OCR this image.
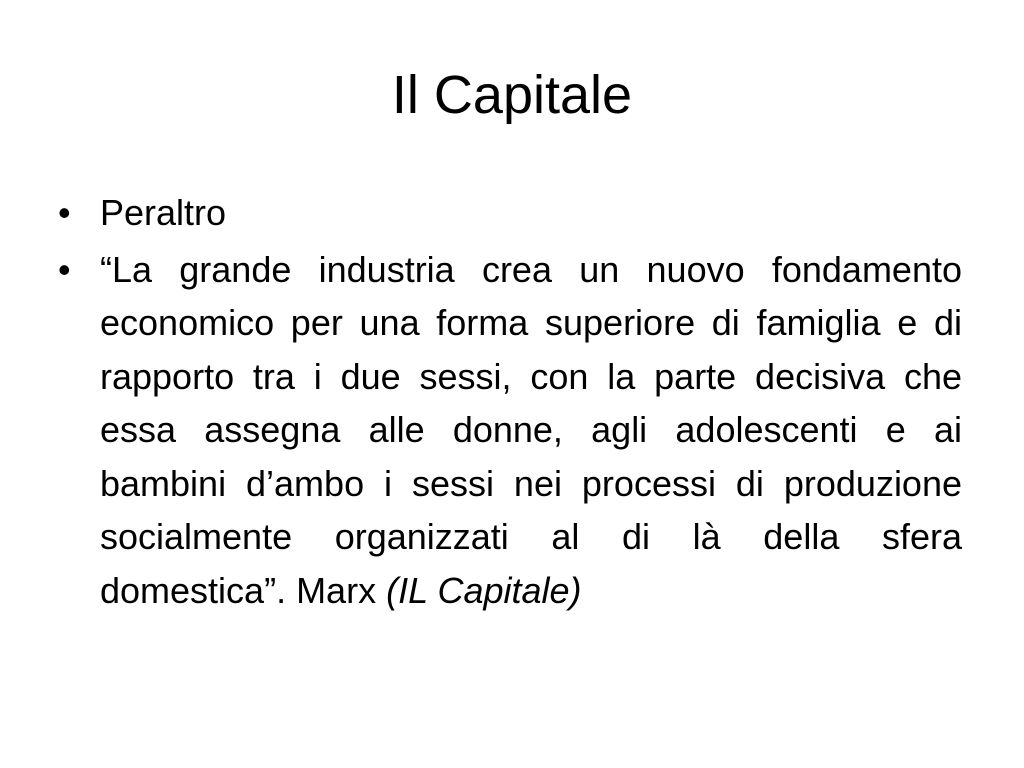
Il Capitale
• Peraltro
• “La grande industria crea un nuovo fondamento economico per una forma superiore di famiglia e di rapporto tra i due sessi, con la parte decisiva che essa assegna alle donne, agli adolescenti e ai bambini d’ambo i sessi nei processi di produzione socialmente organizzati al di là della sfera domestica”. Marx (IL Capitale)
